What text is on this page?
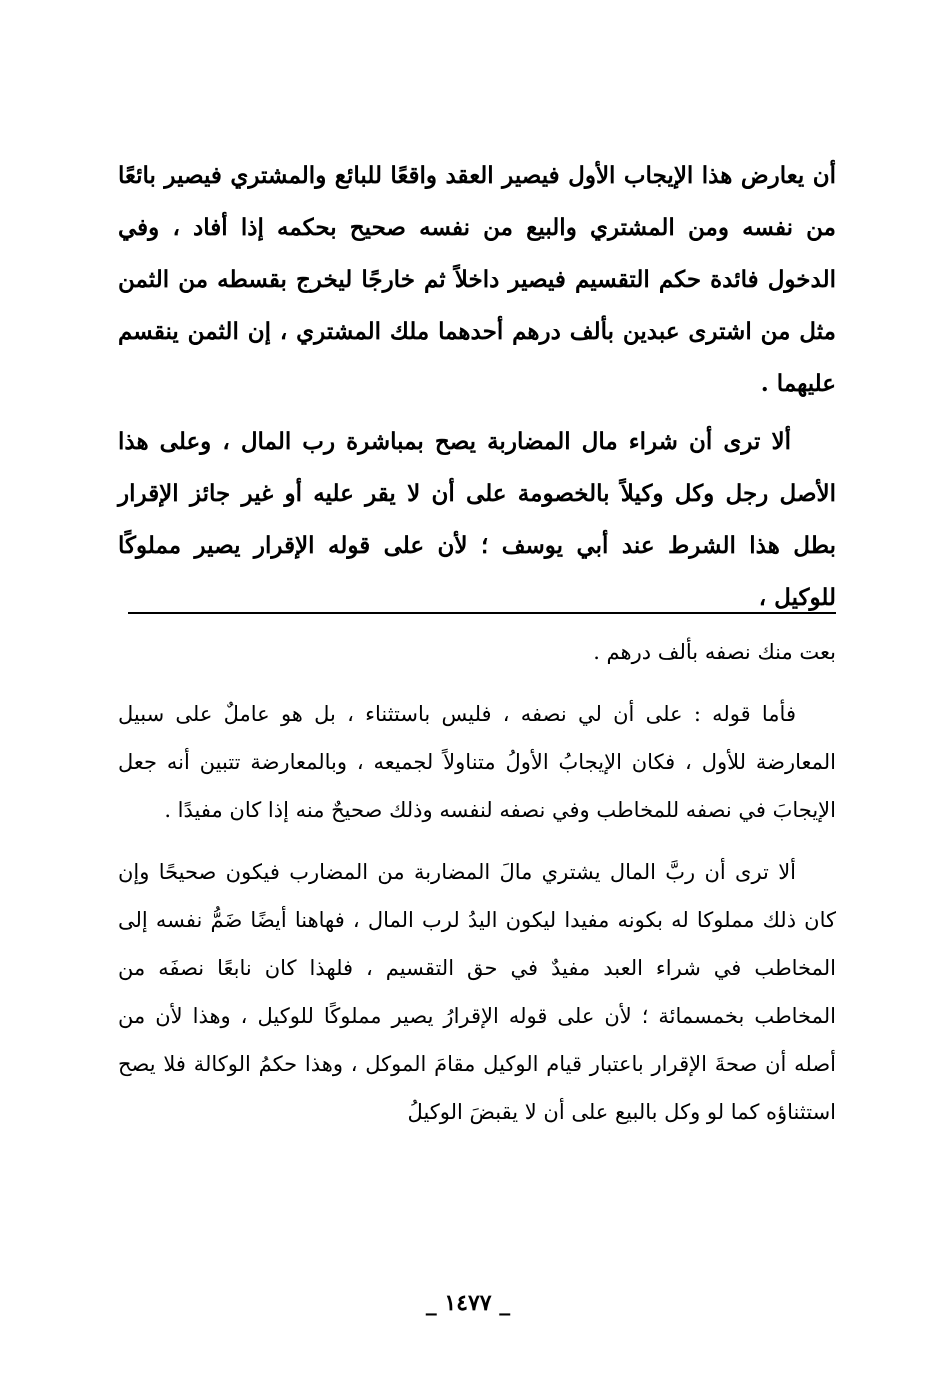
أن يعارض هذا الإيجاب الأول فيصير العقد واقعًا للبائع والمشتري فيصير بائعًا من نفسه ومن المشتري والبيع من نفسه صحيح بحكمه إذا أفاد ، وفي الدخول فائدة حكم التقسيم فيصير داخلاً ثم خارجًا ليخرج بقسطه من الثمن مثل من اشترى عبدين بألف درهم أحدهما ملك المشتري ، إن الثمن ينقسم عليهما .

ألا ترى أن شراء مال المضاربة يصح بمباشرة رب المال ، وعلى هذا الأصل رجل وكل وكيلاً بالخصومة على أن لا يقر عليه أو غير جائز الإقرار بطل هذا الشرط عند أبي يوسف ؛ لأن على قوله الإقرار يصير مملوكًا للوكيل ،

بعت منك نصفه بألف درهم .

فأما قوله : على أن لي نصفه ، فليس باستثناء ، بل هو عاملٌ على سبيل المعارضة للأول ، فكان الإيجابُ الأولُ متناولاً لجميعه ، وبالمعارضة تتبين أنه جعل الإيجابَ في نصفه للمخاطب وفي نصفه لنفسه وذلك صحيحٌ منه إذا كان مفيدًا .

ألا ترى أن ربَّ المال يشتري مالَ المضاربة من المضارب فيكون صحيحًا وإن كان ذلك مملوكا له بكونه مفيدا ليكون اليدُ لرب المال ، فهاهنا أيضًا ضَمُّ نفسه إلى المخاطب في شراء العبد مفيدٌ في حق التقسيم ، فلهذا كان نابعًا نصفَه من المخاطب بخمسمائة ؛ لأن على قوله الإقرارُ يصير مملوكًا للوكيل ، وهذا لأن من أصله أن صحةَ الإقرار باعتبار قيام الوكيل مقامَ الموكل ، وهذا حكمُ الوكالة فلا يصح استثناؤه كما لو وكل بالبيع على أن لا يقبضَ الوكيلُ

_ ١٤٧٧ _
